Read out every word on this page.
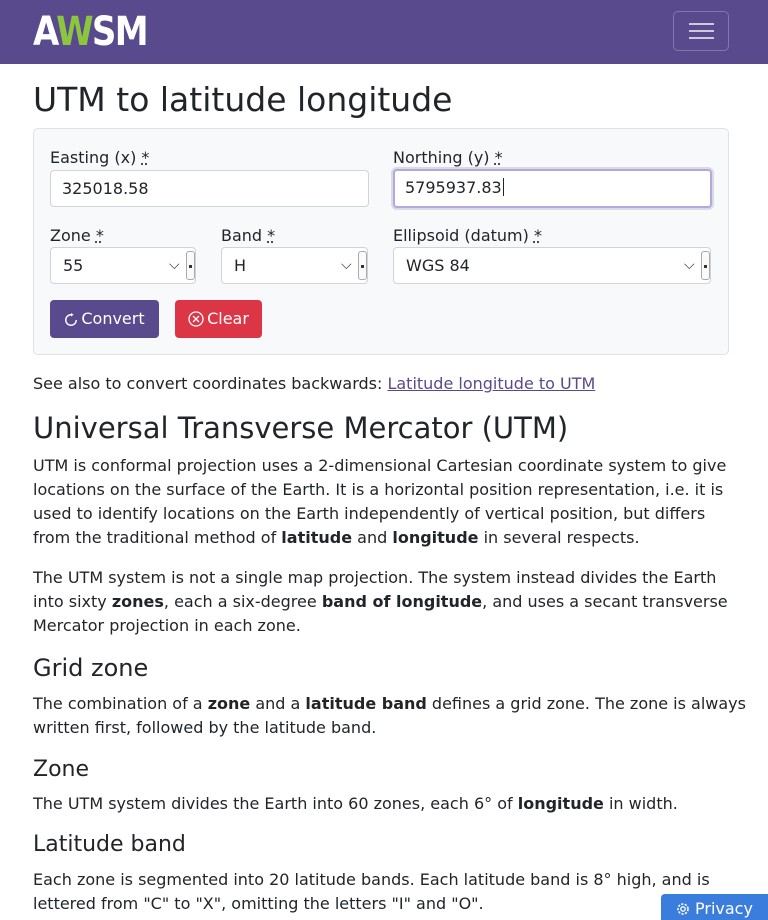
AWSM
UTM to latitude longitude
Easting (x) *
325018.58
Northing (y) *
5795937.83
Zone *
55	⌵
Band *
H	⌵
Ellipsoid (datum) *
WGS 84	⌵
Convert	Clear
See also to convert coordinates backwards: Latitude longitude to UTM
Universal Transverse Mercator (UTM)
UTM is conformal projection uses a 2-dimensional Cartesian coordinate system to give
locations on the surface of the Earth. It is a horizontal position representation, i.e. it is
used to identify locations on the Earth independently of vertical position, but differs
from the traditional method of latitude and longitude in several respects.
The UTM system is not a single map projection. The system instead divides the Earth
into sixty zones, each a six-degree band of longitude, and uses a secant transverse
Mercator projection in each zone.
Grid zone
The combination of a zone and a latitude band defines a grid zone. The zone is always
written first, followed by the latitude band.
Zone
The UTM system divides the Earth into 60 zones, each 6° of longitude in width.
Latitude band
Each zone is segmented into 20 latitude bands. Each latitude band is 8° high, and is
lettered from "C" to "X", omitting the letters "I" and "O".	Privacy
